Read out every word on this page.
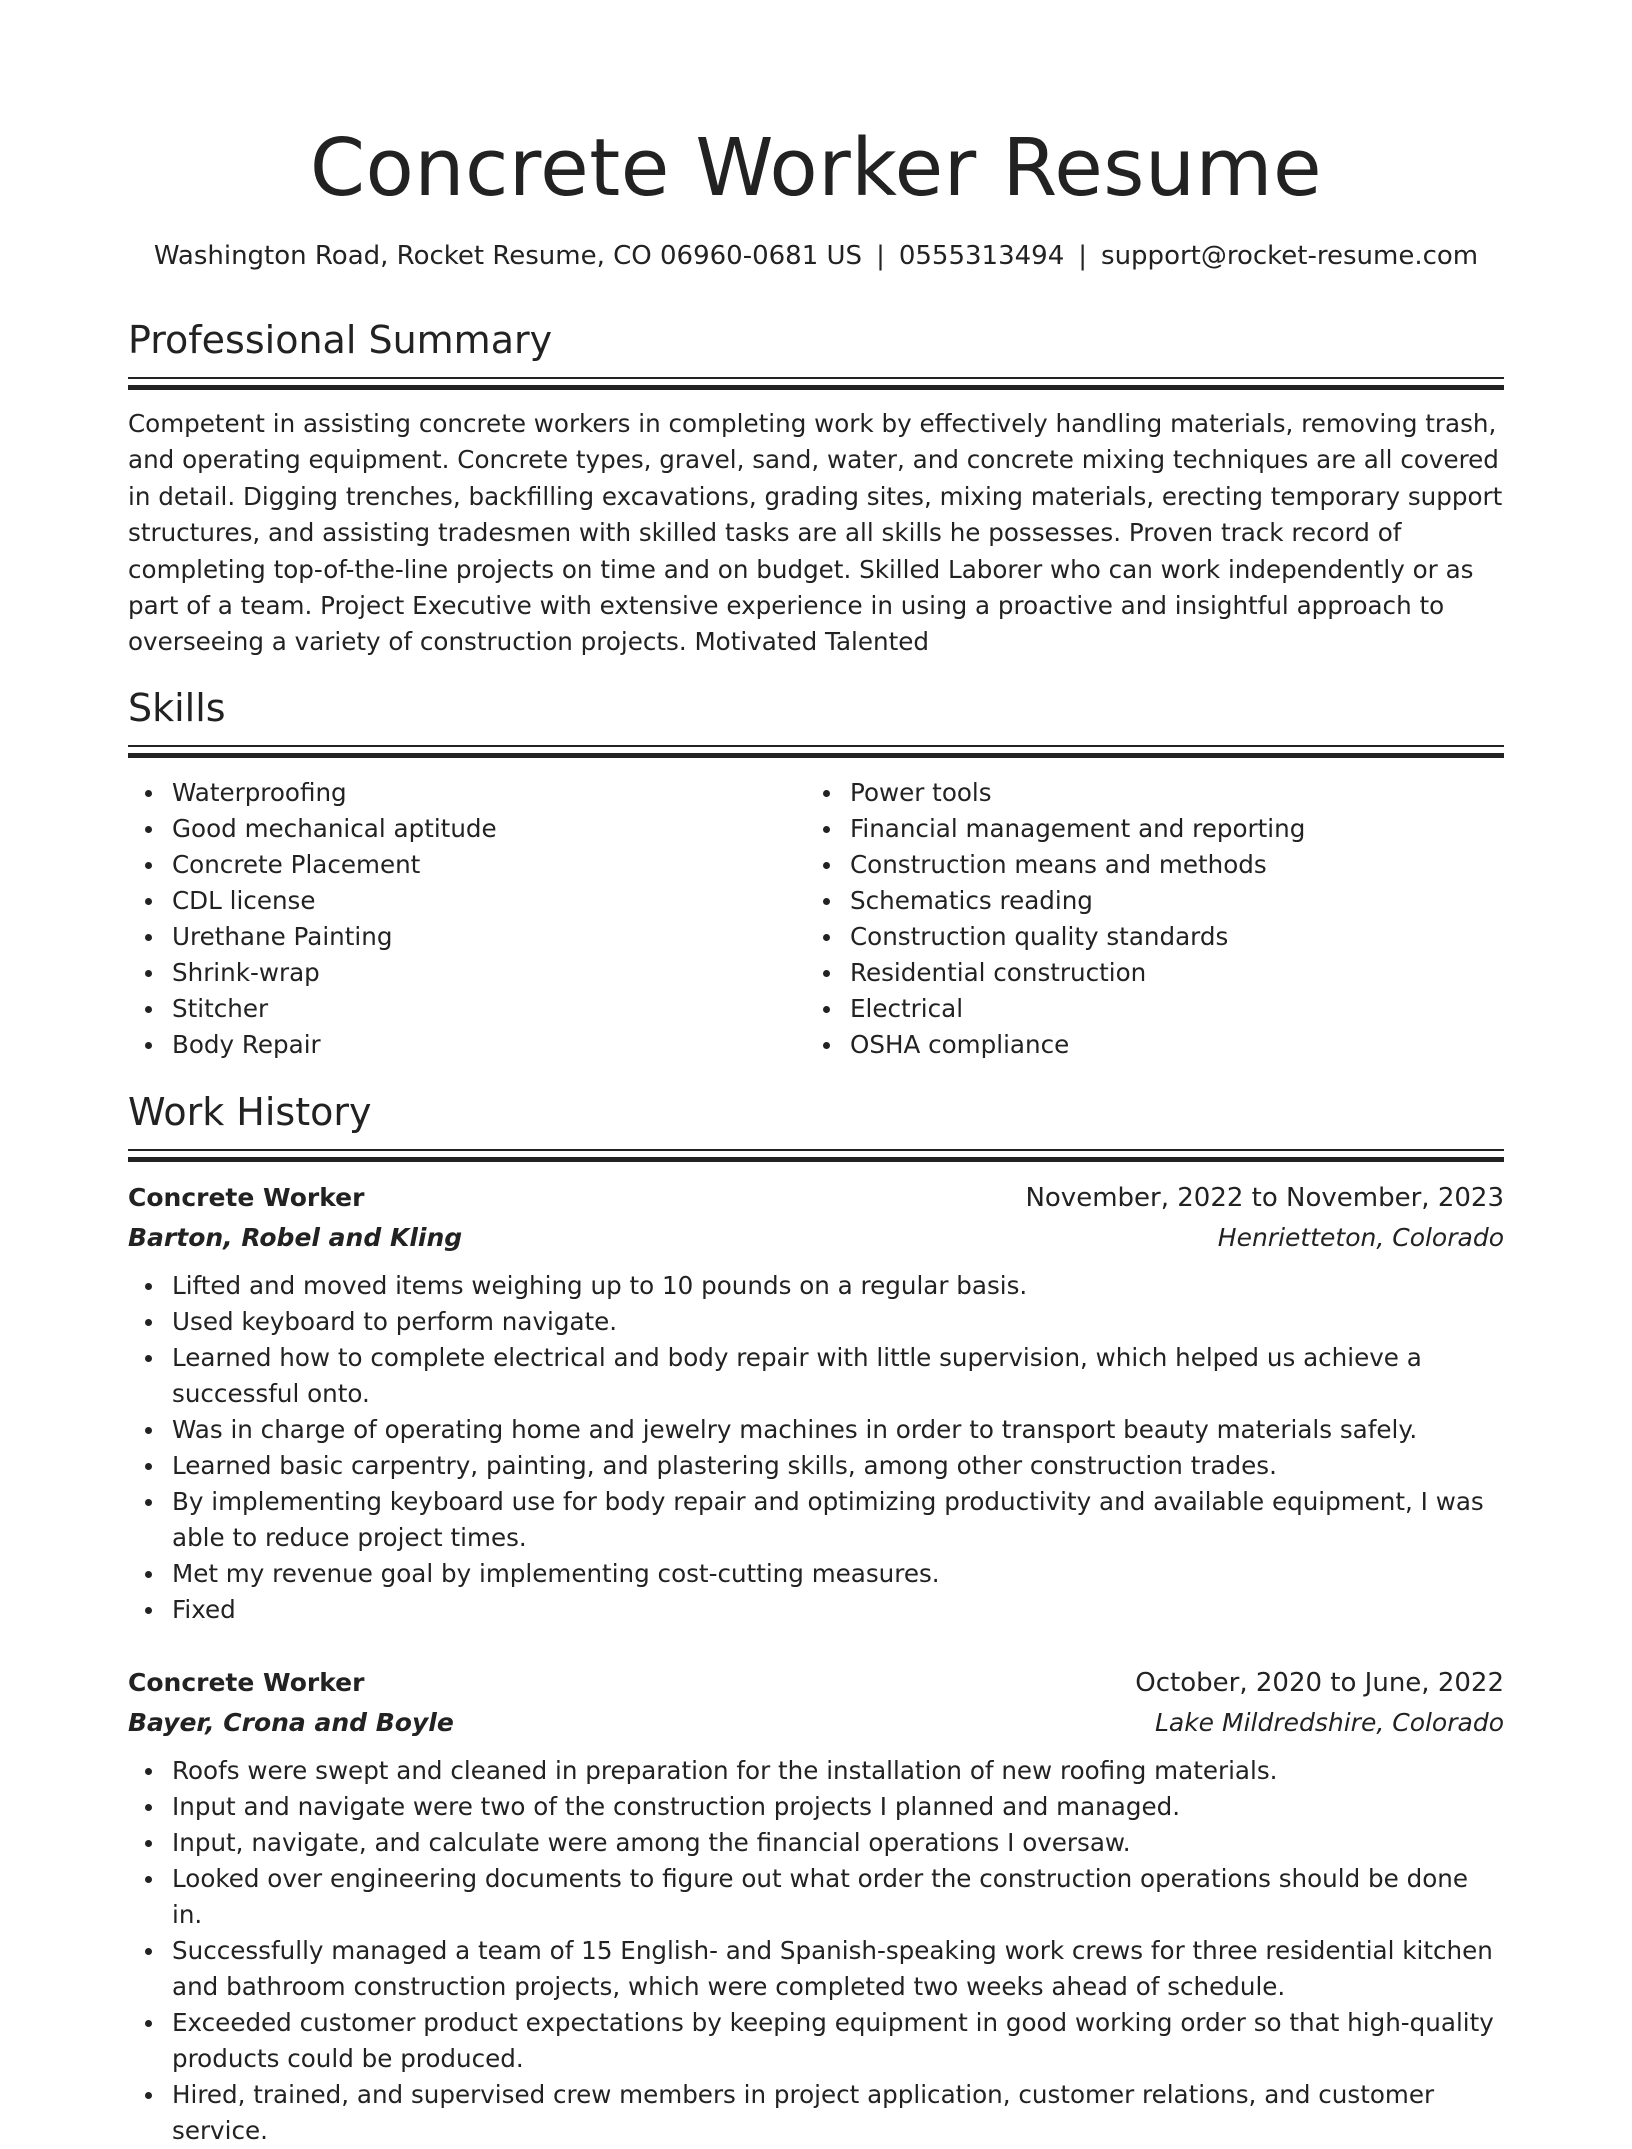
Concrete Worker Resume
Washington Road, Rocket Resume, CO 06960-0681 US | 0555313494 | support@rocket-resume.com
Professional Summary
Competent in assisting concrete workers in completing work by effectively handling materials, removing trash, and operating equipment. Concrete types, gravel, sand, water, and concrete mixing techniques are all covered in detail. Digging trenches, backfilling excavations, grading sites, mixing materials, erecting temporary support structures, and assisting tradesmen with skilled tasks are all skills he possesses. Proven track record of completing top-of-the-line projects on time and on budget. Skilled Laborer who can work independently or as part of a team. Project Executive with extensive experience in using a proactive and insightful approach to overseeing a variety of construction projects. Motivated Talented
Skills
Waterproofing
Good mechanical aptitude
Concrete Placement
CDL license
Urethane Painting
Shrink-wrap
Stitcher
Body Repair
Power tools
Financial management and reporting
Construction means and methods
Schematics reading
Construction quality standards
Residential construction
Electrical
OSHA compliance
Work History
Concrete Worker	November, 2022 to November, 2023
Barton, Robel and Kling	Henrietteton, Colorado
Lifted and moved items weighing up to 10 pounds on a regular basis.
Used keyboard to perform navigate.
Learned how to complete electrical and body repair with little supervision, which helped us achieve a successful onto.
Was in charge of operating home and jewelry machines in order to transport beauty materials safely.
Learned basic carpentry, painting, and plastering skills, among other construction trades.
By implementing keyboard use for body repair and optimizing productivity and available equipment, I was able to reduce project times.
Met my revenue goal by implementing cost-cutting measures.
Fixed
Concrete Worker	October, 2020 to June, 2022
Bayer, Crona and Boyle	Lake Mildredshire, Colorado
Roofs were swept and cleaned in preparation for the installation of new roofing materials.
Input and navigate were two of the construction projects I planned and managed.
Input, navigate, and calculate were among the financial operations I oversaw.
Looked over engineering documents to figure out what order the construction operations should be done in.
Successfully managed a team of 15 English- and Spanish-speaking work crews for three residential kitchen and bathroom construction projects, which were completed two weeks ahead of schedule.
Exceeded customer product expectations by keeping equipment in good working order so that high-quality products could be produced.
Hired, trained, and supervised crew members in project application, customer relations, and customer service.
